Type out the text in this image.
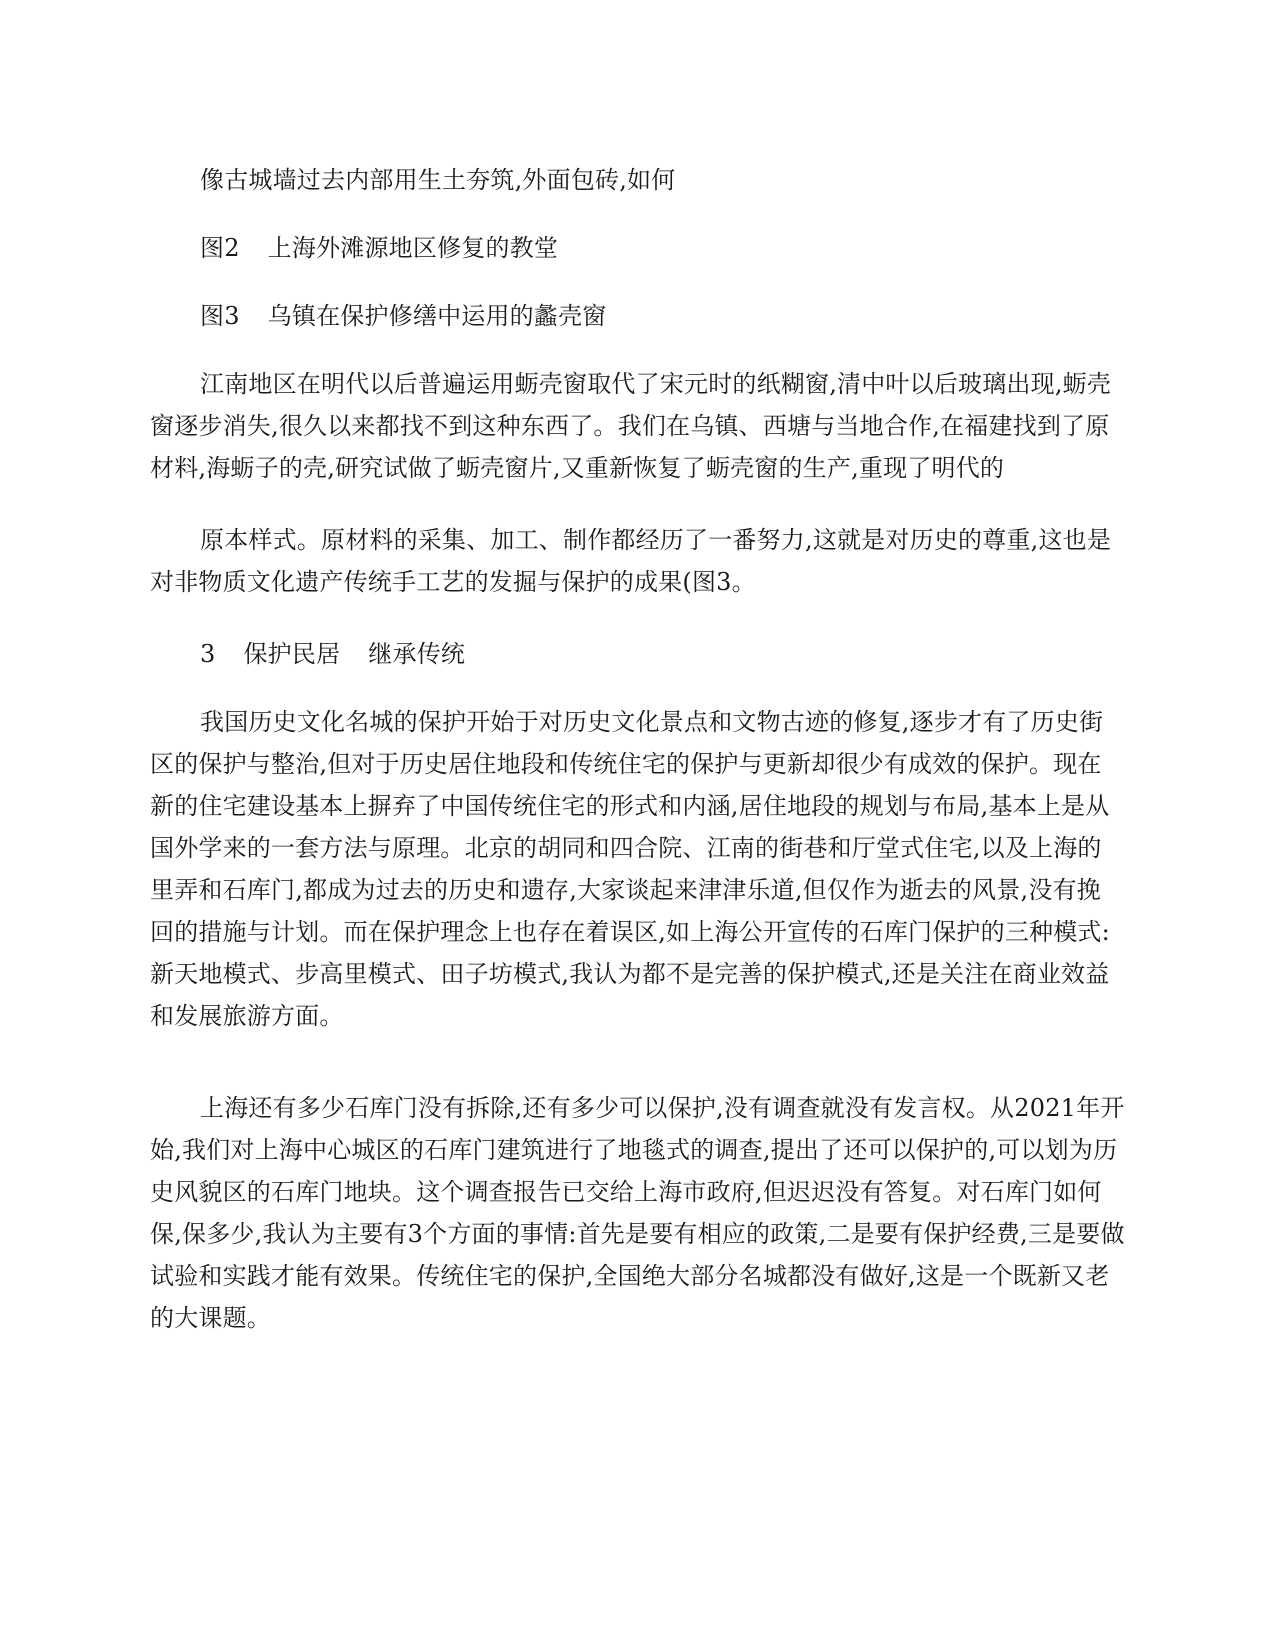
像古城墙过去内部用生土夯筑,外面包砖,如何

图2 上海外滩源地区修复的教堂

图3 乌镇在保护修缮中运用的蠡壳窗

江南地区在明代以后普遍运用蛎壳窗取代了宋元时的纸糊窗,清中叶以后玻璃出现,蛎壳窗逐步消失,很久以来都找不到这种东西了。我们在乌镇、西塘与当地合作,在福建找到了原材料,海蛎子的壳,研究试做了蛎壳窗片,又重新恢复了蛎壳窗的生产,重现了明代的

原本样式。原材料的采集、加工、制作都经历了一番努力,这就是对历史的尊重,这也是对非物质文化遗产传统手工艺的发掘与保护的成果(图3。

3 保护民居 继承传统

我国历史文化名城的保护开始于对历史文化景点和文物古迹的修复,逐步才有了历史街区的保护与整治,但对于历史居住地段和传统住宅的保护与更新却很少有成效的保护。现在新的住宅建设基本上摒弃了中国传统住宅的形式和内涵,居住地段的规划与布局,基本上是从国外学来的一套方法与原理。北京的胡同和四合院、江南的街巷和厅堂式住宅,以及上海的里弄和石库门,都成为过去的历史和遗存,大家谈起来津津乐道,但仅作为逝去的风景,没有挽回的措施与计划。而在保护理念上也存在着误区,如上海公开宣传的石库门保护的三种模式:新天地模式、步高里模式、田子坊模式,我认为都不是完善的保护模式,还是关注在商业效益和发展旅游方面。

上海还有多少石库门没有拆除,还有多少可以保护,没有调查就没有发言权。从2021年开始,我们对上海中心城区的石库门建筑进行了地毯式的调查,提出了还可以保护的,可以划为历史风貌区的石库门地块。这个调查报告已交给上海市政府,但迟迟没有答复。对石库门如何保,保多少,我认为主要有3个方面的事情:首先是要有相应的政策,二是要有保护经费,三是要做试验和实践才能有效果。传统住宅的保护,全国绝大部分名城都没有做好,这是一个既新又老的大课题。
